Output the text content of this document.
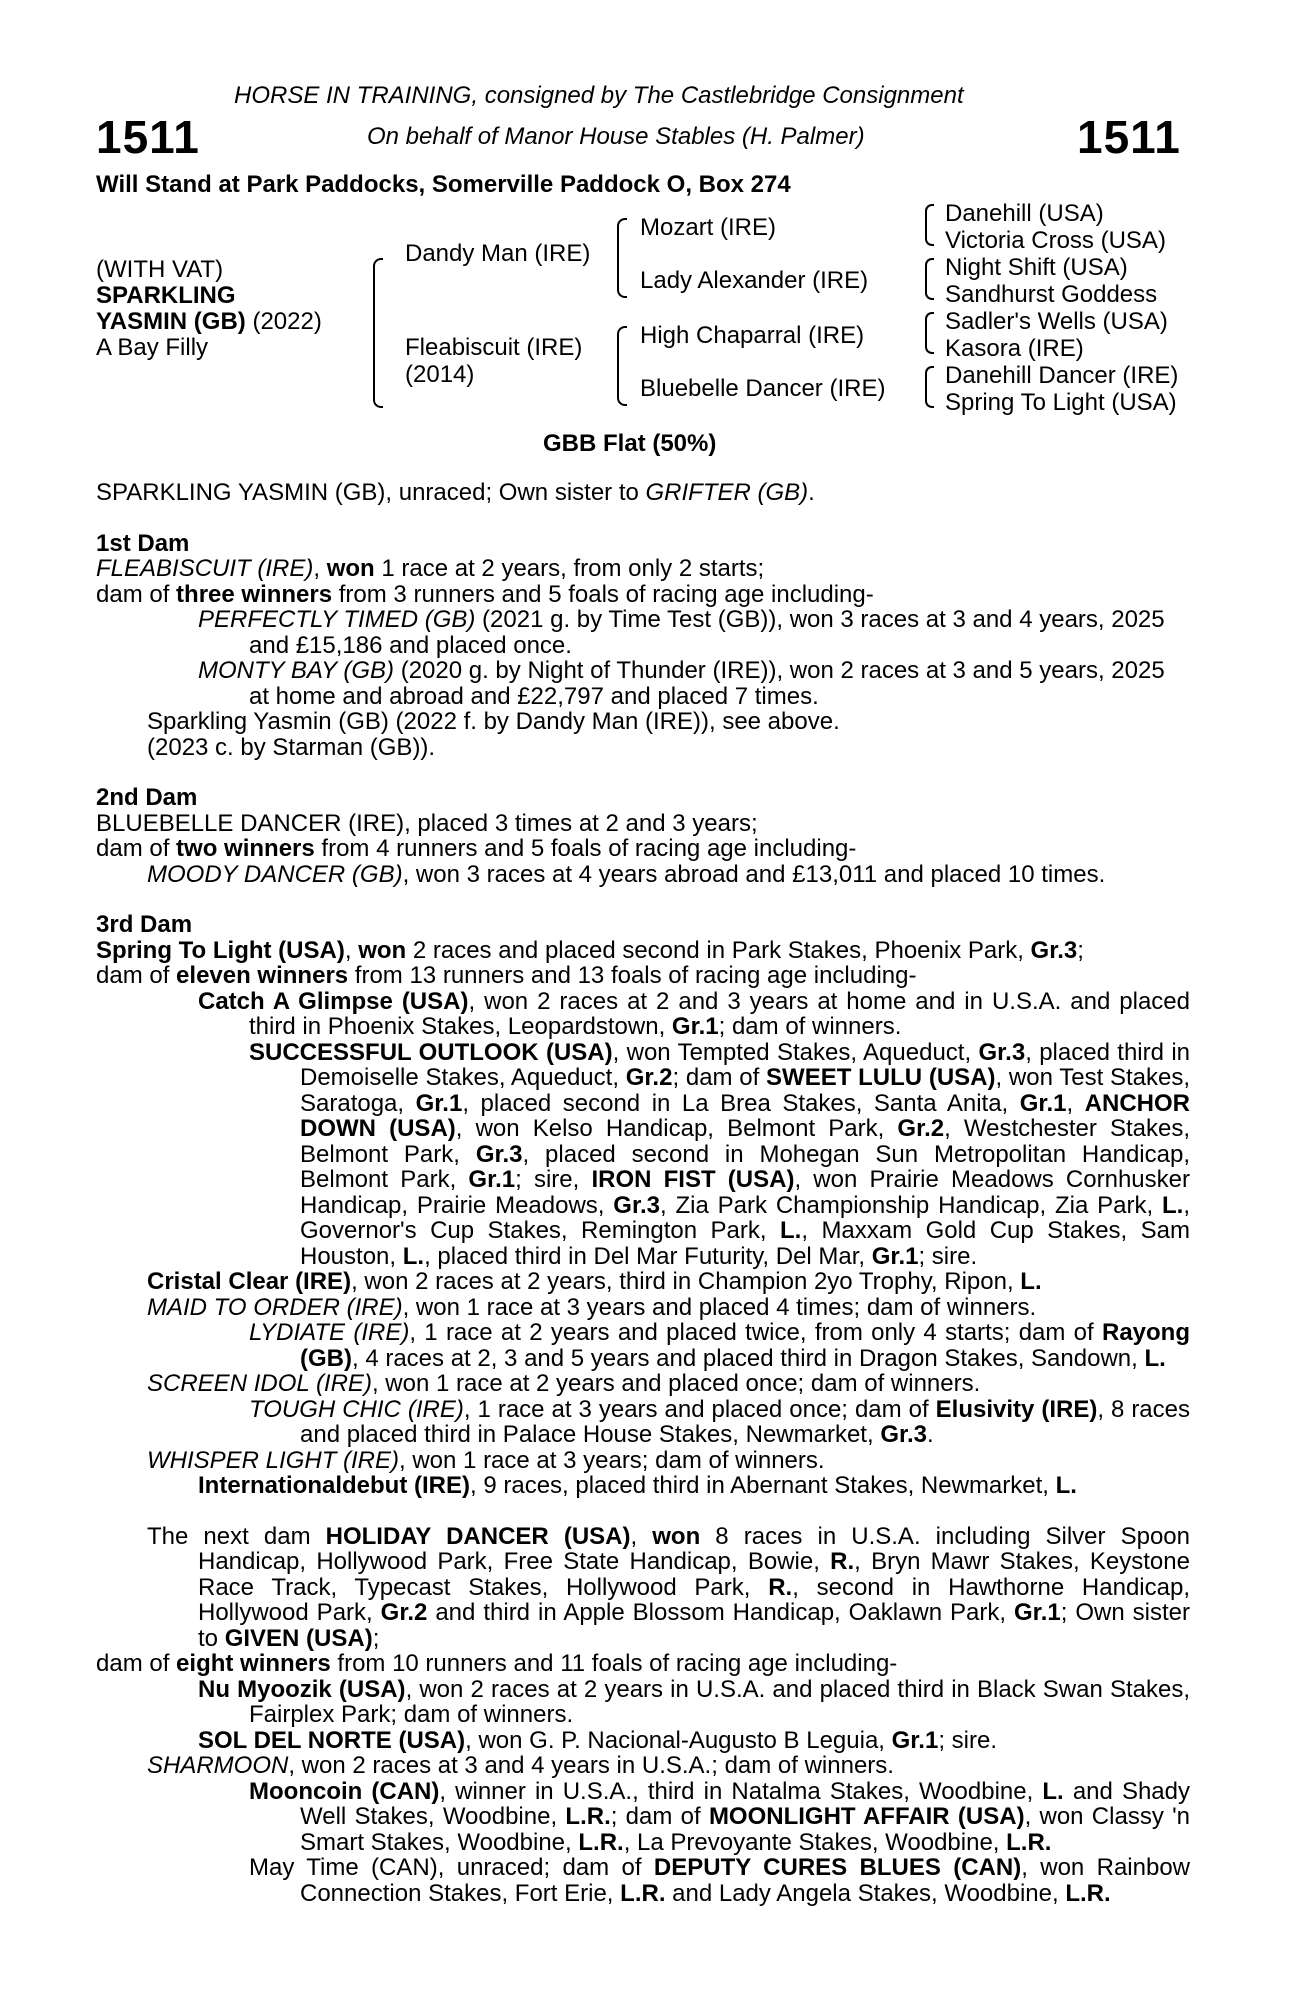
1511	1511
HORSE IN TRAINING, consigned by The Castlebridge Consignment
On behalf of Manor House Stables (H. Palmer)
Will Stand at Park Paddocks, Somerville Paddock O, Box 274
(WITH VAT)
SPARKLING
YASMIN (GB) (2022)
A Bay Filly
Dandy Man (IRE)
Fleabiscuit (IRE)
(2014)
Mozart (IRE)
Lady Alexander (IRE)
High Chaparral (IRE)
Bluebelle Dancer (IRE)
Danehill (USA)
Victoria Cross (USA)
Night Shift (USA)
Sandhurst Goddess
Sadler's Wells (USA)
Kasora (IRE)
Danehill Dancer (IRE)
Spring To Light (USA)
GBB Flat (50%)

SPARKLING YASMIN (GB), unraced; Own sister to GRIFTER (GB).

1st Dam

FLEABISCUIT (IRE), won 1 race at 2 years, from only 2 starts;

dam of three winners from 3 runners and 5 foals of racing age including-

PERFECTLY TIMED (GB) (2021 g. by Time Test (GB)), won 3 races at 3 and 4 years, 2025 and £15,186 and placed once.

MONTY BAY (GB) (2020 g. by Night of Thunder (IRE)), won 2 races at 3 and 5 years, 2025 at home and abroad and £22,797 and placed 7 times.

Sparkling Yasmin (GB) (2022 f. by Dandy Man (IRE)), see above.

(2023 c. by Starman (GB)).

2nd Dam

BLUEBELLE DANCER (IRE), placed 3 times at 2 and 3 years;

dam of two winners from 4 runners and 5 foals of racing age including-

MOODY DANCER (GB), won 3 races at 4 years abroad and £13,011 and placed 10 times.

3rd Dam

Spring To Light (USA), won 2 races and placed second in Park Stakes, Phoenix Park, Gr.3;

dam of eleven winners from 13 runners and 13 foals of racing age including-

Catch A Glimpse (USA), won 2 races at 2 and 3 years at home and in U.S.A. and placed third in Phoenix Stakes, Leopardstown, Gr.1; dam of winners.

SUCCESSFUL OUTLOOK (USA), won Tempted Stakes, Aqueduct, Gr.3, placed third in Demoiselle Stakes, Aqueduct, Gr.2; dam of SWEET LULU (USA), won Test Stakes, Saratoga, Gr.1, placed second in La Brea Stakes, Santa Anita, Gr.1, ANCHOR DOWN (USA), won Kelso Handicap, Belmont Park, Gr.2, Westchester Stakes, Belmont Park, Gr.3, placed second in Mohegan Sun Metropolitan Handicap, Belmont Park, Gr.1; sire, IRON FIST (USA), won Prairie Meadows Cornhusker Handicap, Prairie Meadows, Gr.3, Zia Park Championship Handicap, Zia Park, L., Governor's Cup Stakes, Remington Park, L., Maxxam Gold Cup Stakes, Sam Houston, L., placed third in Del Mar Futurity, Del Mar, Gr.1; sire.

Cristal Clear (IRE), won 2 races at 2 years, third in Champion 2yo Trophy, Ripon, L.

MAID TO ORDER (IRE), won 1 race at 3 years and placed 4 times; dam of winners.

LYDIATE (IRE), 1 race at 2 years and placed twice, from only 4 starts; dam of Rayong (GB), 4 races at 2, 3 and 5 years and placed third in Dragon Stakes, Sandown, L.

SCREEN IDOL (IRE), won 1 race at 2 years and placed once; dam of winners.

TOUGH CHIC (IRE), 1 race at 3 years and placed once; dam of Elusivity (IRE), 8 races and placed third in Palace House Stakes, Newmarket, Gr.3.

WHISPER LIGHT (IRE), won 1 race at 3 years; dam of winners.

Internationaldebut (IRE), 9 races, placed third in Abernant Stakes, Newmarket, L.

The next dam HOLIDAY DANCER (USA), won 8 races in U.S.A. including Silver Spoon Handicap, Hollywood Park, Free State Handicap, Bowie, R., Bryn Mawr Stakes, Keystone Race Track, Typecast Stakes, Hollywood Park, R., second in Hawthorne Handicap, Hollywood Park, Gr.2 and third in Apple Blossom Handicap, Oaklawn Park, Gr.1; Own sister to GIVEN (USA);

dam of eight winners from 10 runners and 11 foals of racing age including-

Nu Myoozik (USA), won 2 races at 2 years in U.S.A. and placed third in Black Swan Stakes, Fairplex Park; dam of winners.

SOL DEL NORTE (USA), won G. P. Nacional-Augusto B Leguia, Gr.1; sire.

SHARMOON, won 2 races at 3 and 4 years in U.S.A.; dam of winners.

Mooncoin (CAN), winner in U.S.A., third in Natalma Stakes, Woodbine, L. and Shady Well Stakes, Woodbine, L.R.; dam of MOONLIGHT AFFAIR (USA), won Classy 'n Smart Stakes, Woodbine, L.R., La Prevoyante Stakes, Woodbine, L.R.

May Time (CAN), unraced; dam of DEPUTY CURES BLUES (CAN), won Rainbow Connection Stakes, Fort Erie, L.R. and Lady Angela Stakes, Woodbine, L.R.
